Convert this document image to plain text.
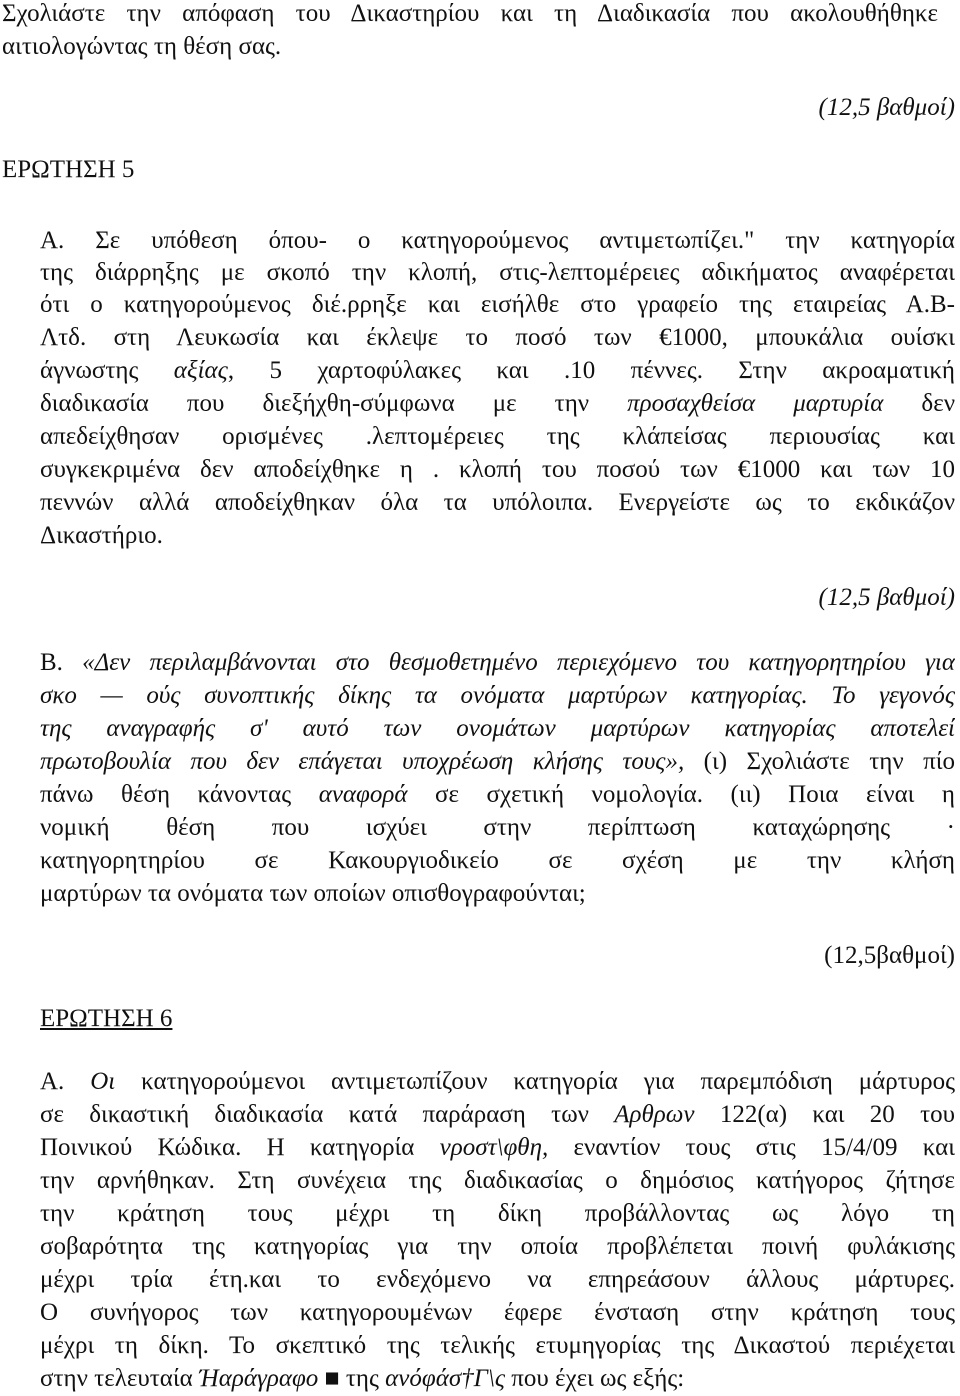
Σχολιάστε την απόφαση του Δικαστηρίου και τη Διαδικασία που ακολουθήθηκε
αιτιολογώντας τη θέση σας.
(12,5 βαθμοί)
ΕΡΩΤΗΣΗ 5
Α. Σε υπόθεση όπου- ο κατηγορούμενος αντιμετωπίζει." την κατηγορία
της διάρρηξης με σκοπό την κλοπή, στις-λεπτομέρειες αδικήματος αναφέρεται
ότι ο κατηγορούμενος διέ.ρρηξε και εισήλθε στο γραφείο της εταιρείας Α.Β-
Λτδ. στη Λευκωσία και έκλεψε το ποσό των €1000, μπουκάλια ουίσκι
άγνωστης αξίας, 5 χαρτοφύλακες και .10 πέννες. Στην ακροαματική
διαδικασία που διεξήχθη-σύμφωνα με την προσαχθείσα μαρτυρία δεν
απεδείχθησαν ορισμένες .λεπτομέρειες της κλάπείσας περιουσίας και
συγκεκριμένα δεν αποδείχθηκε η . κλοπή του ποσού των €1000 και των 10
πεννών αλλά αποδείχθηκαν όλα τα υπόλοιπα. Ενεργείστε ως το εκδικάζον
Δικαστήριο.
(12,5 βαθμοί)
Β. «Δεν περιλαμβάνονται στο θεσμοθετημένο περιεχόμενο του κατηγορητηρίου για
σκο — ούς συνοπτικής δίκης τα ονόματα μαρτύρων κατηγορίας. Το γεγονός
της αναγραφής σ' αυτό των ονομάτων μαρτύρων κατηγορίας αποτελεί
πρωτοβουλία που δεν επάγεται υποχρέωση κλήσης τους», (ι) Σχολιάστε την πίο
πάνω θέση κάνοντας αναφορά σε σχετική νομολογία. (ιι) Ποια είναι η
νομική θέση που ισχύει στην περίπτωση καταχώρησης ·
κατηγορητηρίου σε Κακουργιοδικείο σε σχέση με την κλήση
μαρτύρων τα ονόματα των οποίων οπισθογραφούνται;
(12,5βαθμοί)
ΕΡΩΤΗΣΗ 6
Α. Οι κατηγορούμενοι αντιμετωπίζουν κατηγορία για παρεμπόδιση μάρτυρος
σε δικαστική διαδικασία κατά παράραση των Αρθρων 122(α) και 20 του
Ποινικού Κώδικα. Η κατηγορία νροστ\φθη, εναντίον τους στις 15/4/09 και
την αρνήθηκαν. Στη συνέχεια της διαδικασίας ο δημόσιος κατήγορος ζήτησε
την κράτηση τους μέχρι τη δίκη προβάλλοντας ως λόγο τη
σοβαρότητα της κατηγορίας για την οποία προβλέπεται ποινή φυλάκισης
μέχρι τρία έτη.και το ενδεχόμενο να επηρεάσουν άλλους μάρτυρες.
Ο συνήγορος των κατηγορουμένων έφερε ένσταση στην κράτηση τους
μέχρι τη δίκη. Το σκεπτικό της τελικής ετυμηγορίας της Δικαστού περιέχεται
στην τελευταία Ήαράγραφο ■ της ανόφάσ†Γ\ς που έχει ως εξής:
